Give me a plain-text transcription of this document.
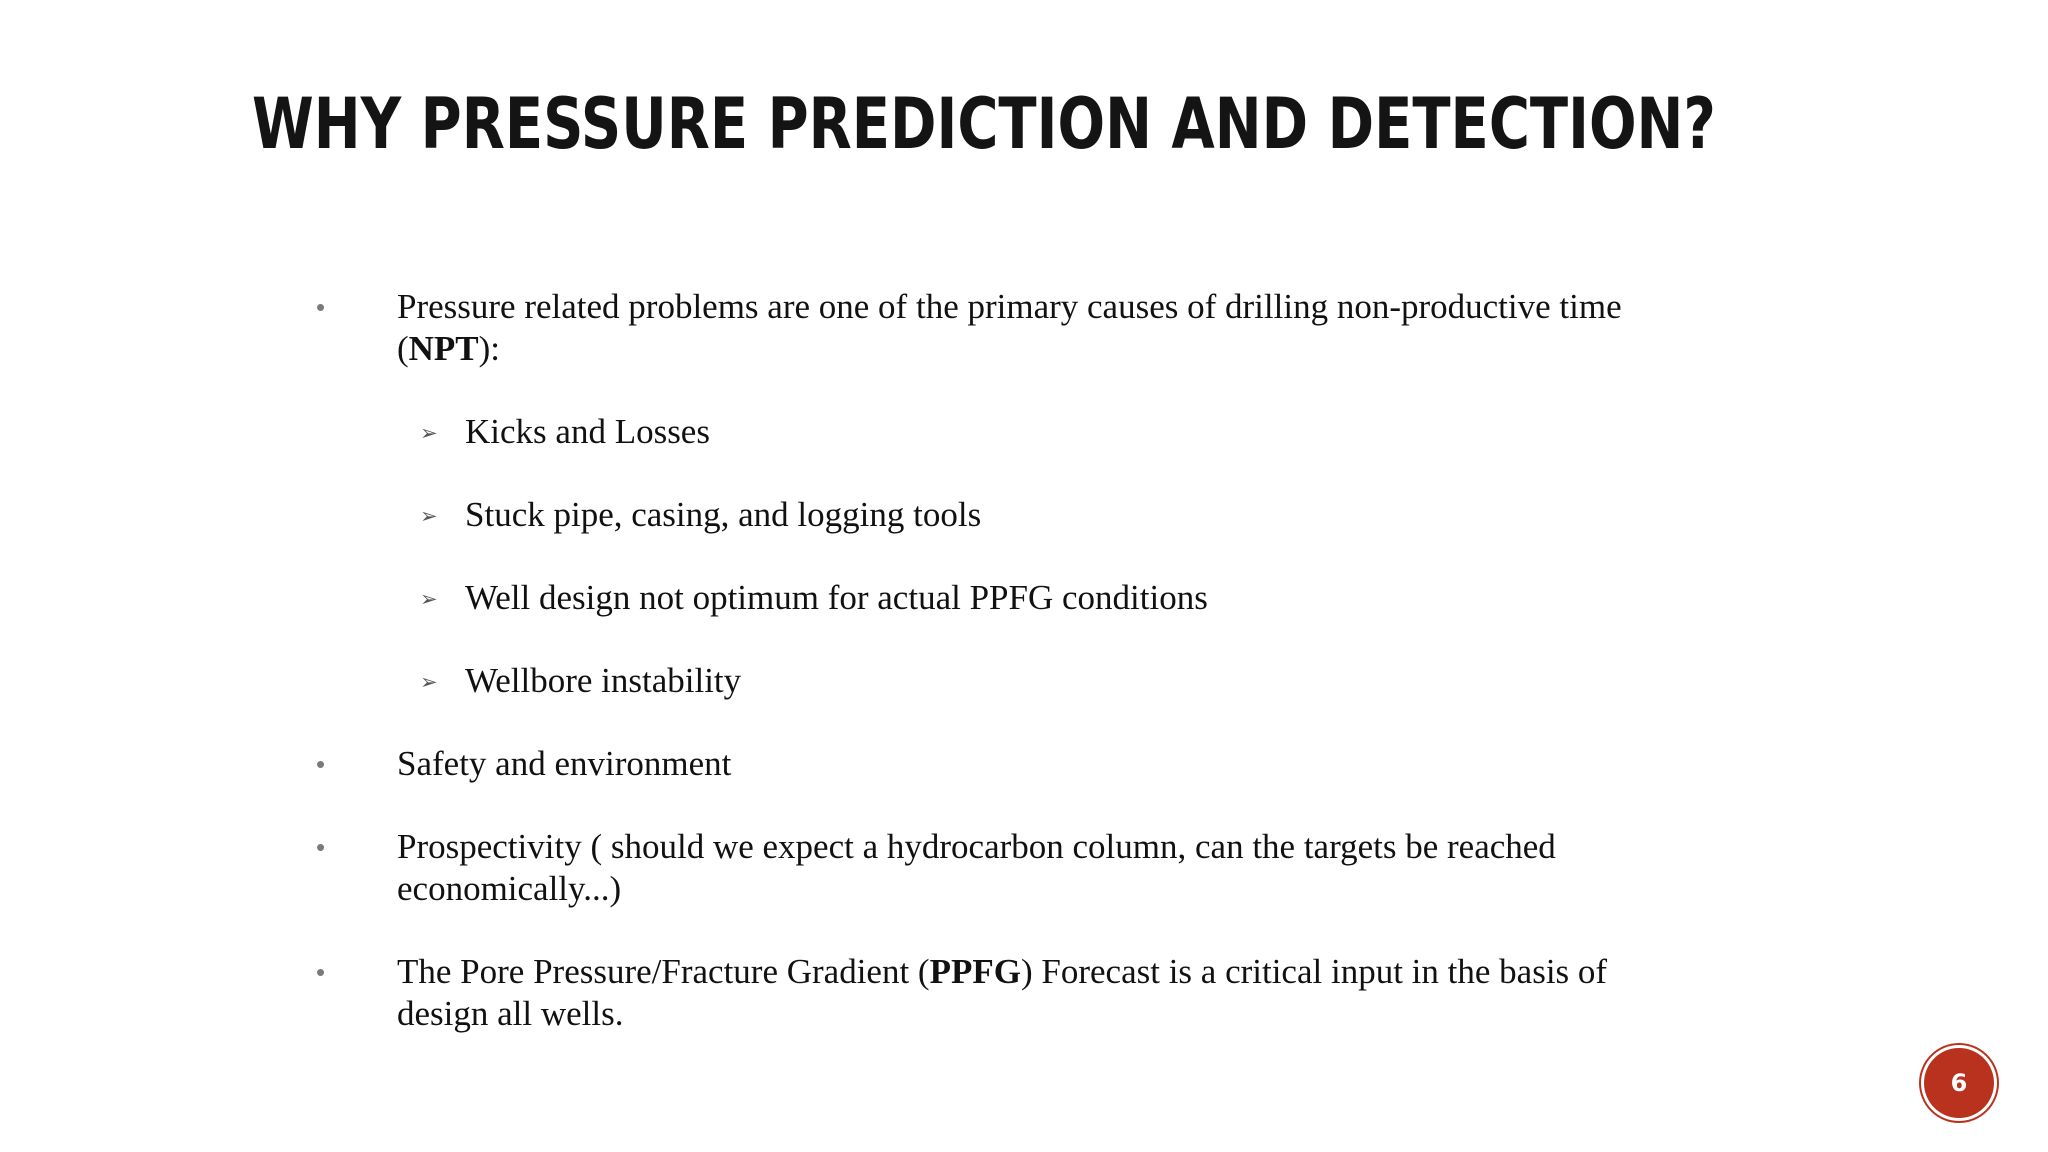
WHY PRESSURE PREDICTION AND DETECTION?
• Pressure related problems are one of the primary causes of drilling non-productive time (NPT):
➢ Kicks and Losses
➢ Stuck pipe, casing, and logging tools
➢ Well design not optimum for actual PPFG conditions
➢ Wellbore instability
• Safety and environment
• Prospectivity ( should we expect a hydrocarbon column, can the targets be reached economically...)
• The Pore Pressure/Fracture Gradient (PPFG) Forecast is a critical input in the basis of design all wells.
6
